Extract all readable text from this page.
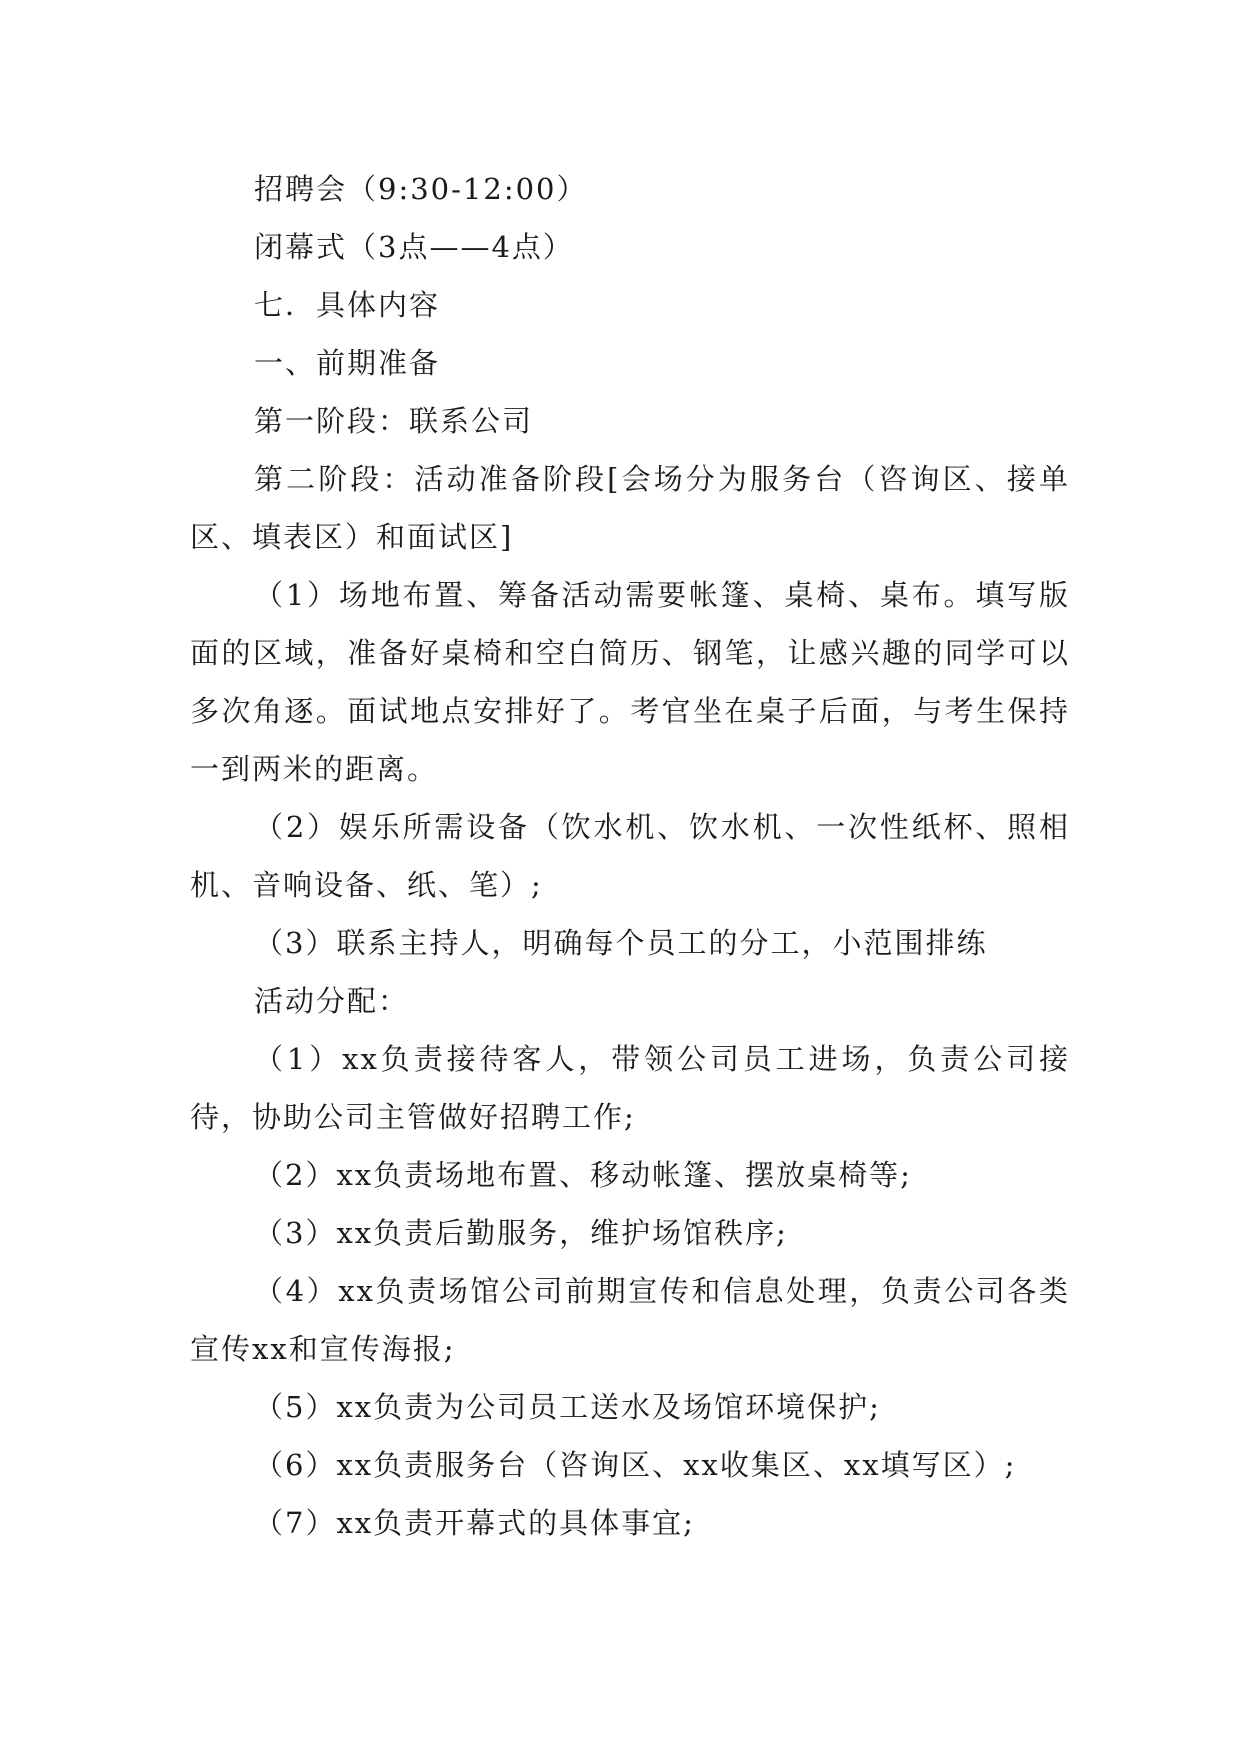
招聘会（9:30-12:00）

闭幕式（3点——4点）

七．具体内容

一、前期准备

第一阶段：联系公司

第二阶段：活动准备阶段[会场分为服务台（咨询区、接单区、填表区）和面试区]

（1）场地布置、筹备活动需要帐篷、桌椅、桌布。填写版面的区域，准备好桌椅和空白简历、钢笔，让感兴趣的同学可以多次角逐。面试地点安排好了。考官坐在桌子后面，与考生保持一到两米的距离。

（2）娱乐所需设备（饮水机、饮水机、一次性纸杯、照相机、音响设备、纸、笔）;

（3）联系主持人，明确每个员工的分工，小范围排练

活动分配：

（1）xx负责接待客人，带领公司员工进场，负责公司接待，协助公司主管做好招聘工作;

（2）xx负责场地布置、移动帐篷、摆放桌椅等;

（3）xx负责后勤服务，维护场馆秩序;

（4）xx负责场馆公司前期宣传和信息处理，负责公司各类宣传xx和宣传海报;

（5）xx负责为公司员工送水及场馆环境保护;

（6）xx负责服务台（咨询区、xx收集区、xx填写区）;

（7）xx负责开幕式的具体事宜;
